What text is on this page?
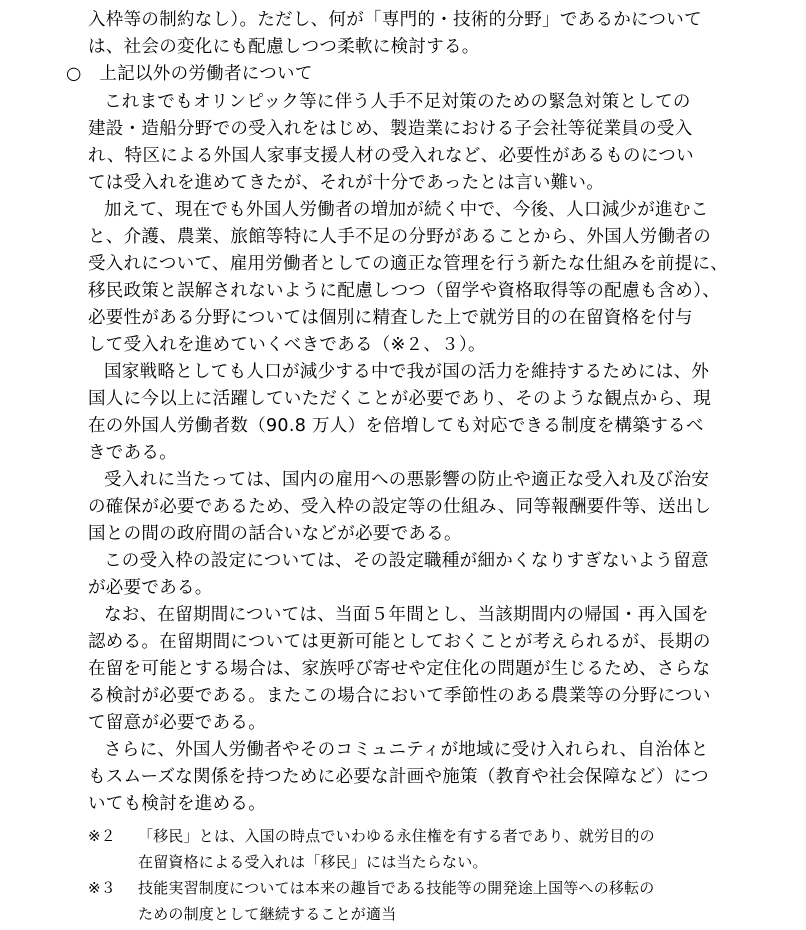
入枠等の制約なし）。ただし、何が「専門的・技術的分野」であるかについて
は、社会の変化にも配慮しつつ柔軟に検討する。
○　上記以外の労働者について
これまでもオリンピック等に伴う人手不足対策のための緊急対策としての
建設・造船分野での受入れをはじめ、製造業における子会社等従業員の受入
れ、特区による外国人家事支援人材の受入れなど、必要性があるものについ
ては受入れを進めてきたが、それが十分であったとは言い難い。
加えて、現在でも外国人労働者の増加が続く中で、今後、人口減少が進むこ
と、介護、農業、旅館等特に人手不足の分野があることから、外国人労働者の
受入れについて、雇用労働者としての適正な管理を行う新たな仕組みを前提に、
移民政策と誤解されないように配慮しつつ（留学や資格取得等の配慮も含め）、
必要性がある分野については個別に精査した上で就労目的の在留資格を付与
して受入れを進めていくべきである（※２、３）。
国家戦略としても人口が減少する中で我が国の活力を維持するためには、外
国人に今以上に活躍していただくことが必要であり、そのような観点から、現
在の外国人労働者数（90.8 万人）を倍増しても対応できる制度を構築するべ
きである。
受入れに当たっては、国内の雇用への悪影響の防止や適正な受入れ及び治安
の確保が必要であるため、受入枠の設定等の仕組み、同等報酬要件等、送出し
国との間の政府間の話合いなどが必要である。
この受入枠の設定については、その設定職種が細かくなりすぎないよう留意
が必要である。
なお、在留期間については、当面５年間とし、当該期間内の帰国・再入国を
認める。在留期間については更新可能としておくことが考えられるが、長期の
在留を可能とする場合は、家族呼び寄せや定住化の問題が生じるため、さらな
る検討が必要である。またこの場合において季節性のある農業等の分野につい
て留意が必要である。
さらに、外国人労働者やそのコミュニティが地域に受け入れられ、自治体と
もスムーズな関係を持つために必要な計画や施策（教育や社会保障など）につ
いても検討を進める。
※２ 「移民」とは、入国の時点でいわゆる永住権を有する者であり、就労目的の
在留資格による受入れは「移民」には当たらない。
※３ 技能実習制度については本来の趣旨である技能等の開発途上国等への移転の
ための制度として継続することが適当
